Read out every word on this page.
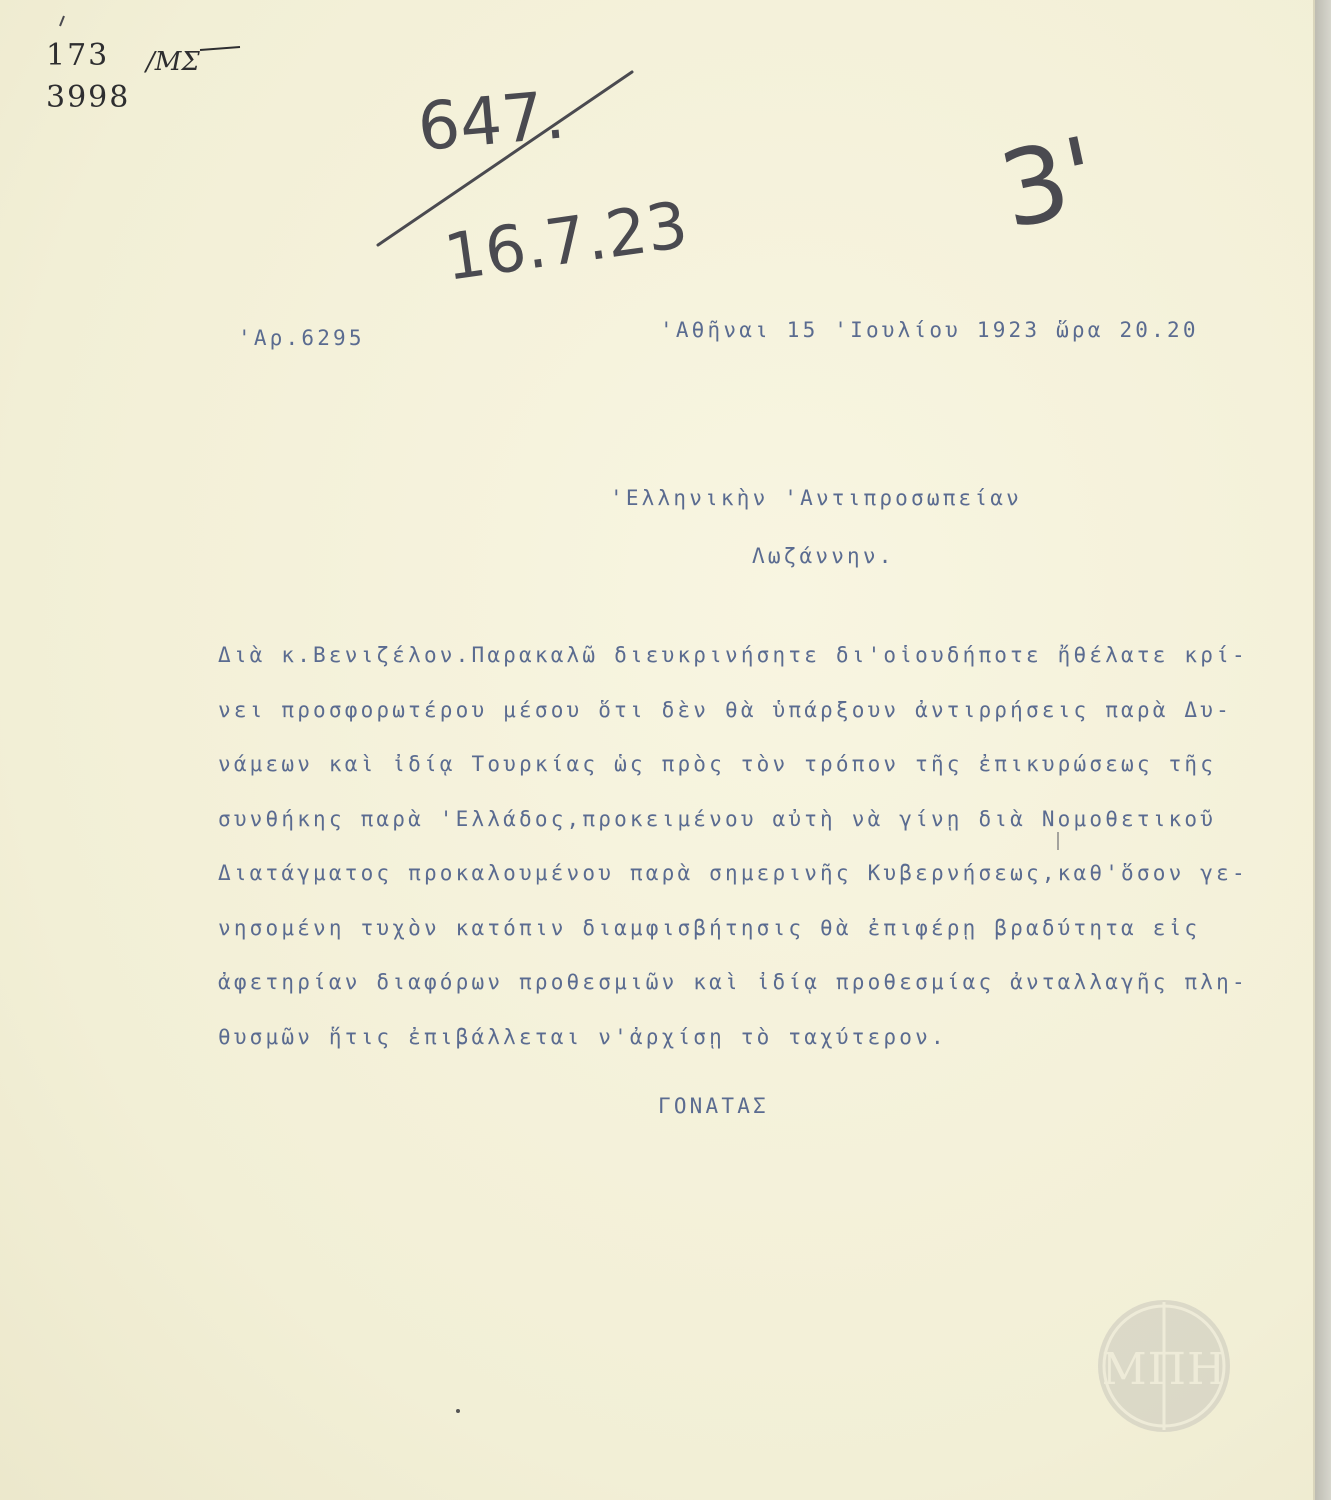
173
3998
/ΜΣ
647.
16.7.23	3'
'Αρ.6295	'Αθῆναι 15 'Ιουλίου 1923 ὥρα 20.20
'Ελληνικὴν 'Αντιπροσωπείαν
Λωζάννην.
Διὰ κ.Βενιζέλον.Παρακαλῶ διευκρινήσητε δι'οἱουδήποτε ἤθέλατε κρί-
νει προσφορωτέρου μέσου ὅτι δὲν θὰ ὑπάρξουν ἀντιρρήσεις παρὰ Δυ-
νάμεων καὶ ἰδίᾳ Τουρκίας ὡς πρὸς τὸν τρόπον τῆς ἐπικυρώσεως τῆς
συνθήκης παρὰ 'Ελλάδος,προκειμένου αὐτὴ νὰ γίνῃ διὰ Νομοθετικοῦ
Διατάγματος προκαλουμένου παρὰ σημερινῆς Κυβερνήσεως,καθ'ὅσον γε-
νησομένη τυχὸν κατόπιν διαμφισβήτησις θὰ ἐπιφέρῃ βραδύτητα εἰς
ἀφετηρίαν διαφόρων προθεσμιῶν καὶ ἰδίᾳ προθεσμίας ἀνταλλαγῆς πλη-
θυσμῶν ἥτις ἐπιβάλλεται ν'ἀρχίσῃ τὸ ταχύτερον.
ΓΟΝΑΤΑΣ
ΜΠΗ
